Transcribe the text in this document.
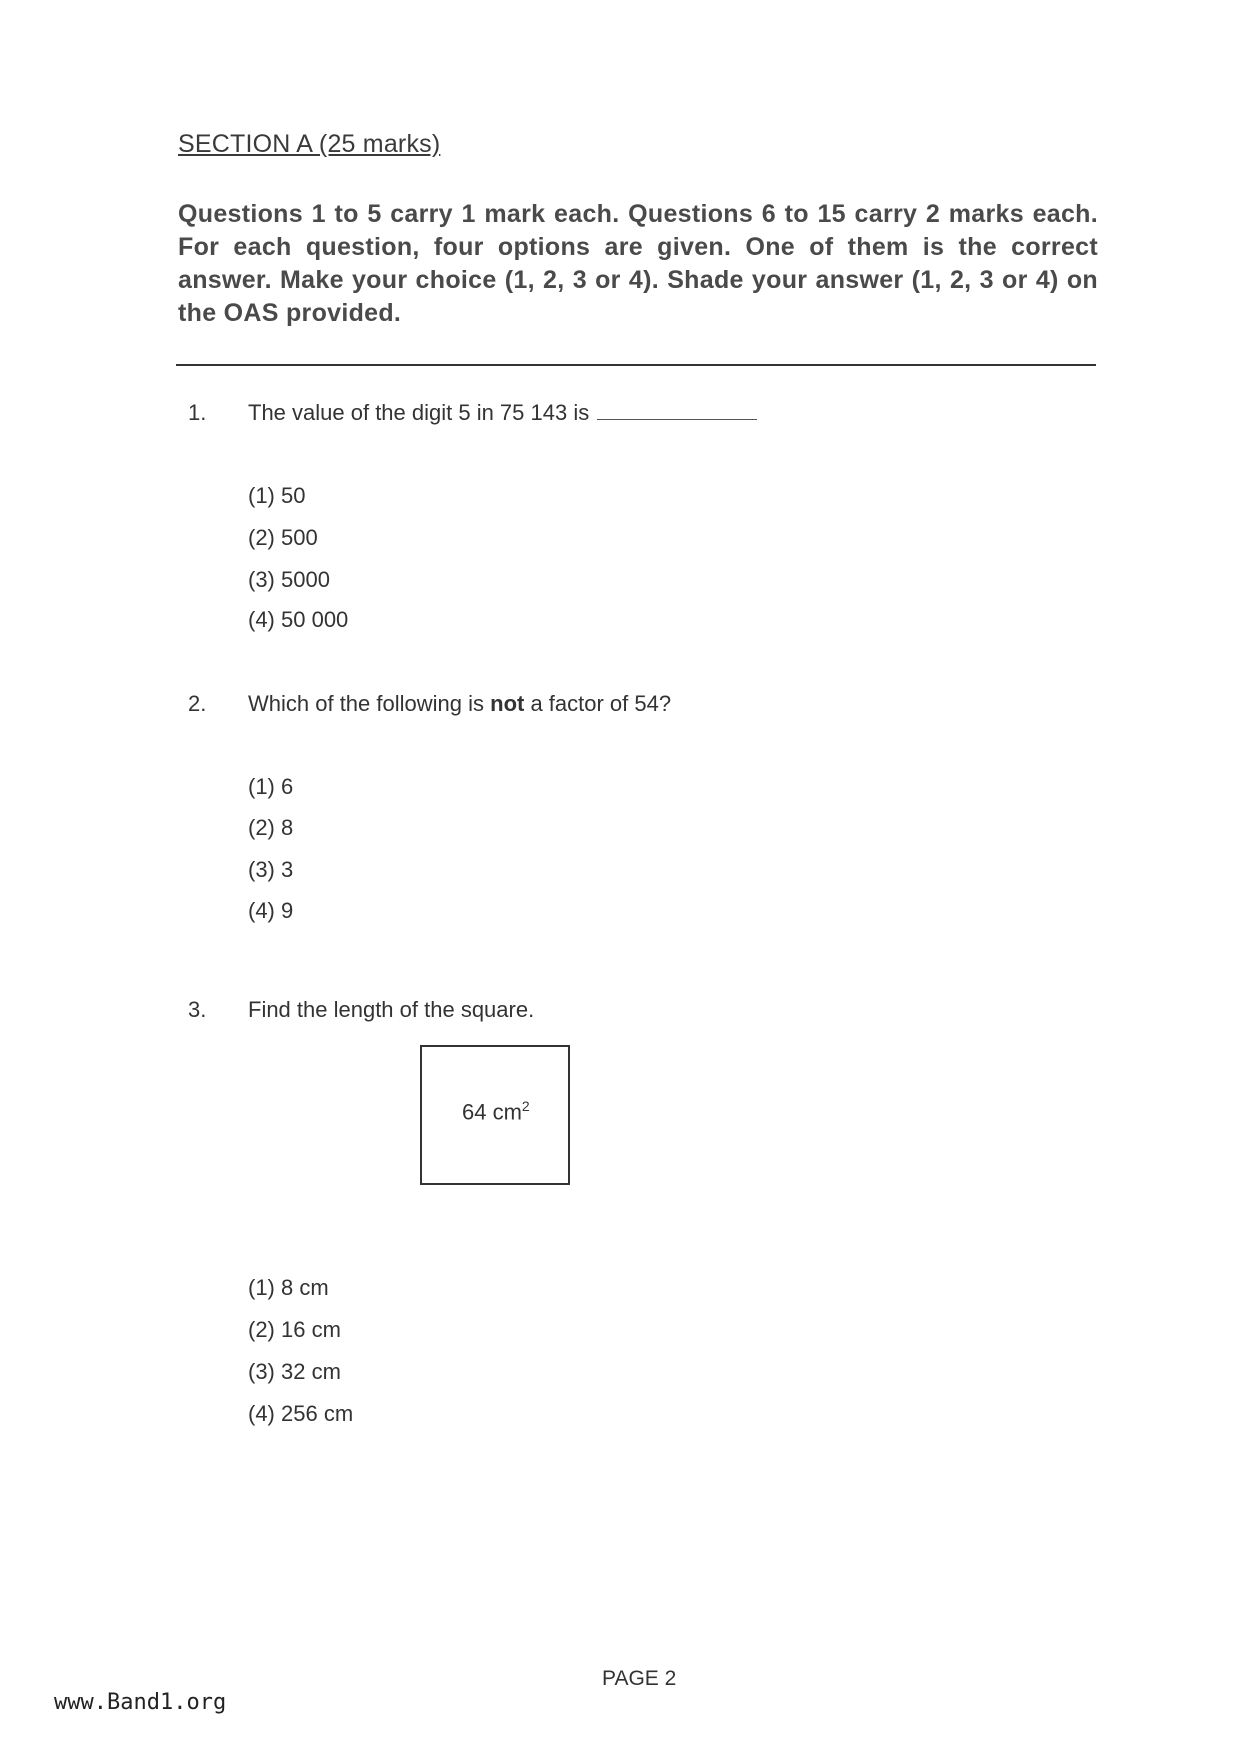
SECTION A (25 marks)
Questions 1 to 5 carry 1 mark each. Questions 6 to 15 carry 2 marks each. For each question, four options are given. One of them is the correct answer. Make your choice (1, 2, 3 or 4). Shade your answer (1, 2, 3 or 4) on the OAS provided.
1. The value of the digit 5 in 75 143 is
(1) 50
(2) 500
(3) 5000
(4) 50 000
2. Which of the following is not a factor of 54?
(1) 6
(2) 8
(3) 3
(4) 9
3. Find the length of the square.
64 $cm^2$
(1) 8 cm
(2) 16 cm
(3) 32 cm
(4) 256 cm
PAGE 2
www.Band1.org
